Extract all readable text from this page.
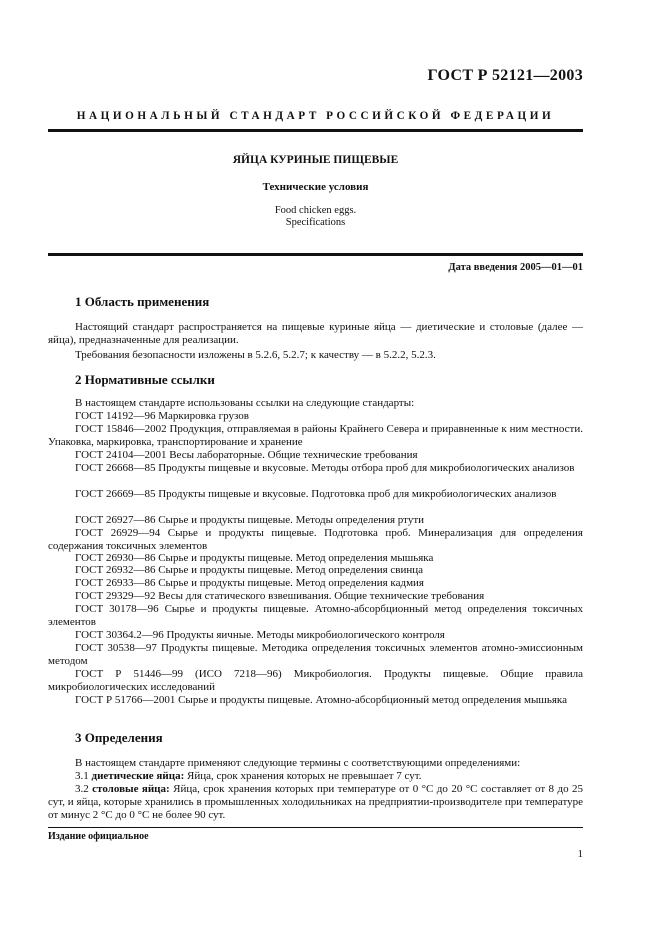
ГОСТ Р 52121—2003
НАЦИОНАЛЬНЫЙ СТАНДАРТ РОССИЙСКОЙ ФЕДЕРАЦИИ
ЯЙЦА КУРИНЫЕ ПИЩЕВЫЕ
Технические условия
Food chicken eggs.
Specifications
Дата введения 2005—01—01
1 Область применения
Настоящий стандарт распространяется на пищевые куриные яйца — диетические и столовые (далее — яйца), предназначенные для реализации.
Требования безопасности изложены в 5.2.6, 5.2.7; к качеству — в 5.2.2, 5.2.3.
2 Нормативные ссылки
В настоящем стандарте использованы ссылки на следующие стандарты:
ГОСТ 14192—96 Маркировка грузов
ГОСТ 15846—2002 Продукция, отправляемая в районы Крайнего Севера и приравненные к ним местности. Упаковка, маркировка, транспортирование и хранение
ГОСТ 24104—2001 Весы лабораторные. Общие технические требования
ГОСТ 26668—85 Продукты пищевые и вкусовые. Методы отбора проб для микробиологических анализов
ГОСТ 26669—85 Продукты пищевые и вкусовые. Подготовка проб для микробиологических анализов
ГОСТ 26927—86 Сырье и продукты пищевые. Методы определения ртути
ГОСТ 26929—94 Сырье и продукты пищевые. Подготовка проб. Минерализация для определения содержания токсичных элементов
ГОСТ 26930—86 Сырье и продукты пищевые. Метод определения мышьяка
ГОСТ 26932—86 Сырье и продукты пищевые. Метод определения свинца
ГОСТ 26933—86 Сырье и продукты пищевые. Метод определения кадмия
ГОСТ 29329—92 Весы для статического взвешивания. Общие технические требования
ГОСТ 30178—96 Сырье и продукты пищевые. Атомно-абсорбционный метод определения токсичных элементов
ГОСТ 30364.2—96 Продукты яичные. Методы микробиологического контроля
ГОСТ 30538—97 Продукты пищевые. Методика определения токсичных элементов атомно-эмиссионным методом
ГОСТ Р 51446—99 (ИСО 7218—96) Микробиология. Продукты пищевые. Общие правила микробиологических исследований
ГОСТ Р 51766—2001 Сырье и продукты пищевые. Атомно-абсорбционный метод определения мышьяка
3 Определения
В настоящем стандарте применяют следующие термины с соответствующими определениями:
3.1 диетические яйца: Яйца, срок хранения которых не превышает 7 сут.
3.2 столовые яйца: Яйца, срок хранения которых при температуре от 0 °C до 20 °C составляет от 8 до 25 сут, и яйца, которые хранились в промышленных холодильниках на предприятии-производителе при температуре от минус 2 °C до 0 °C не более 90 сут.
Издание официальное
1
